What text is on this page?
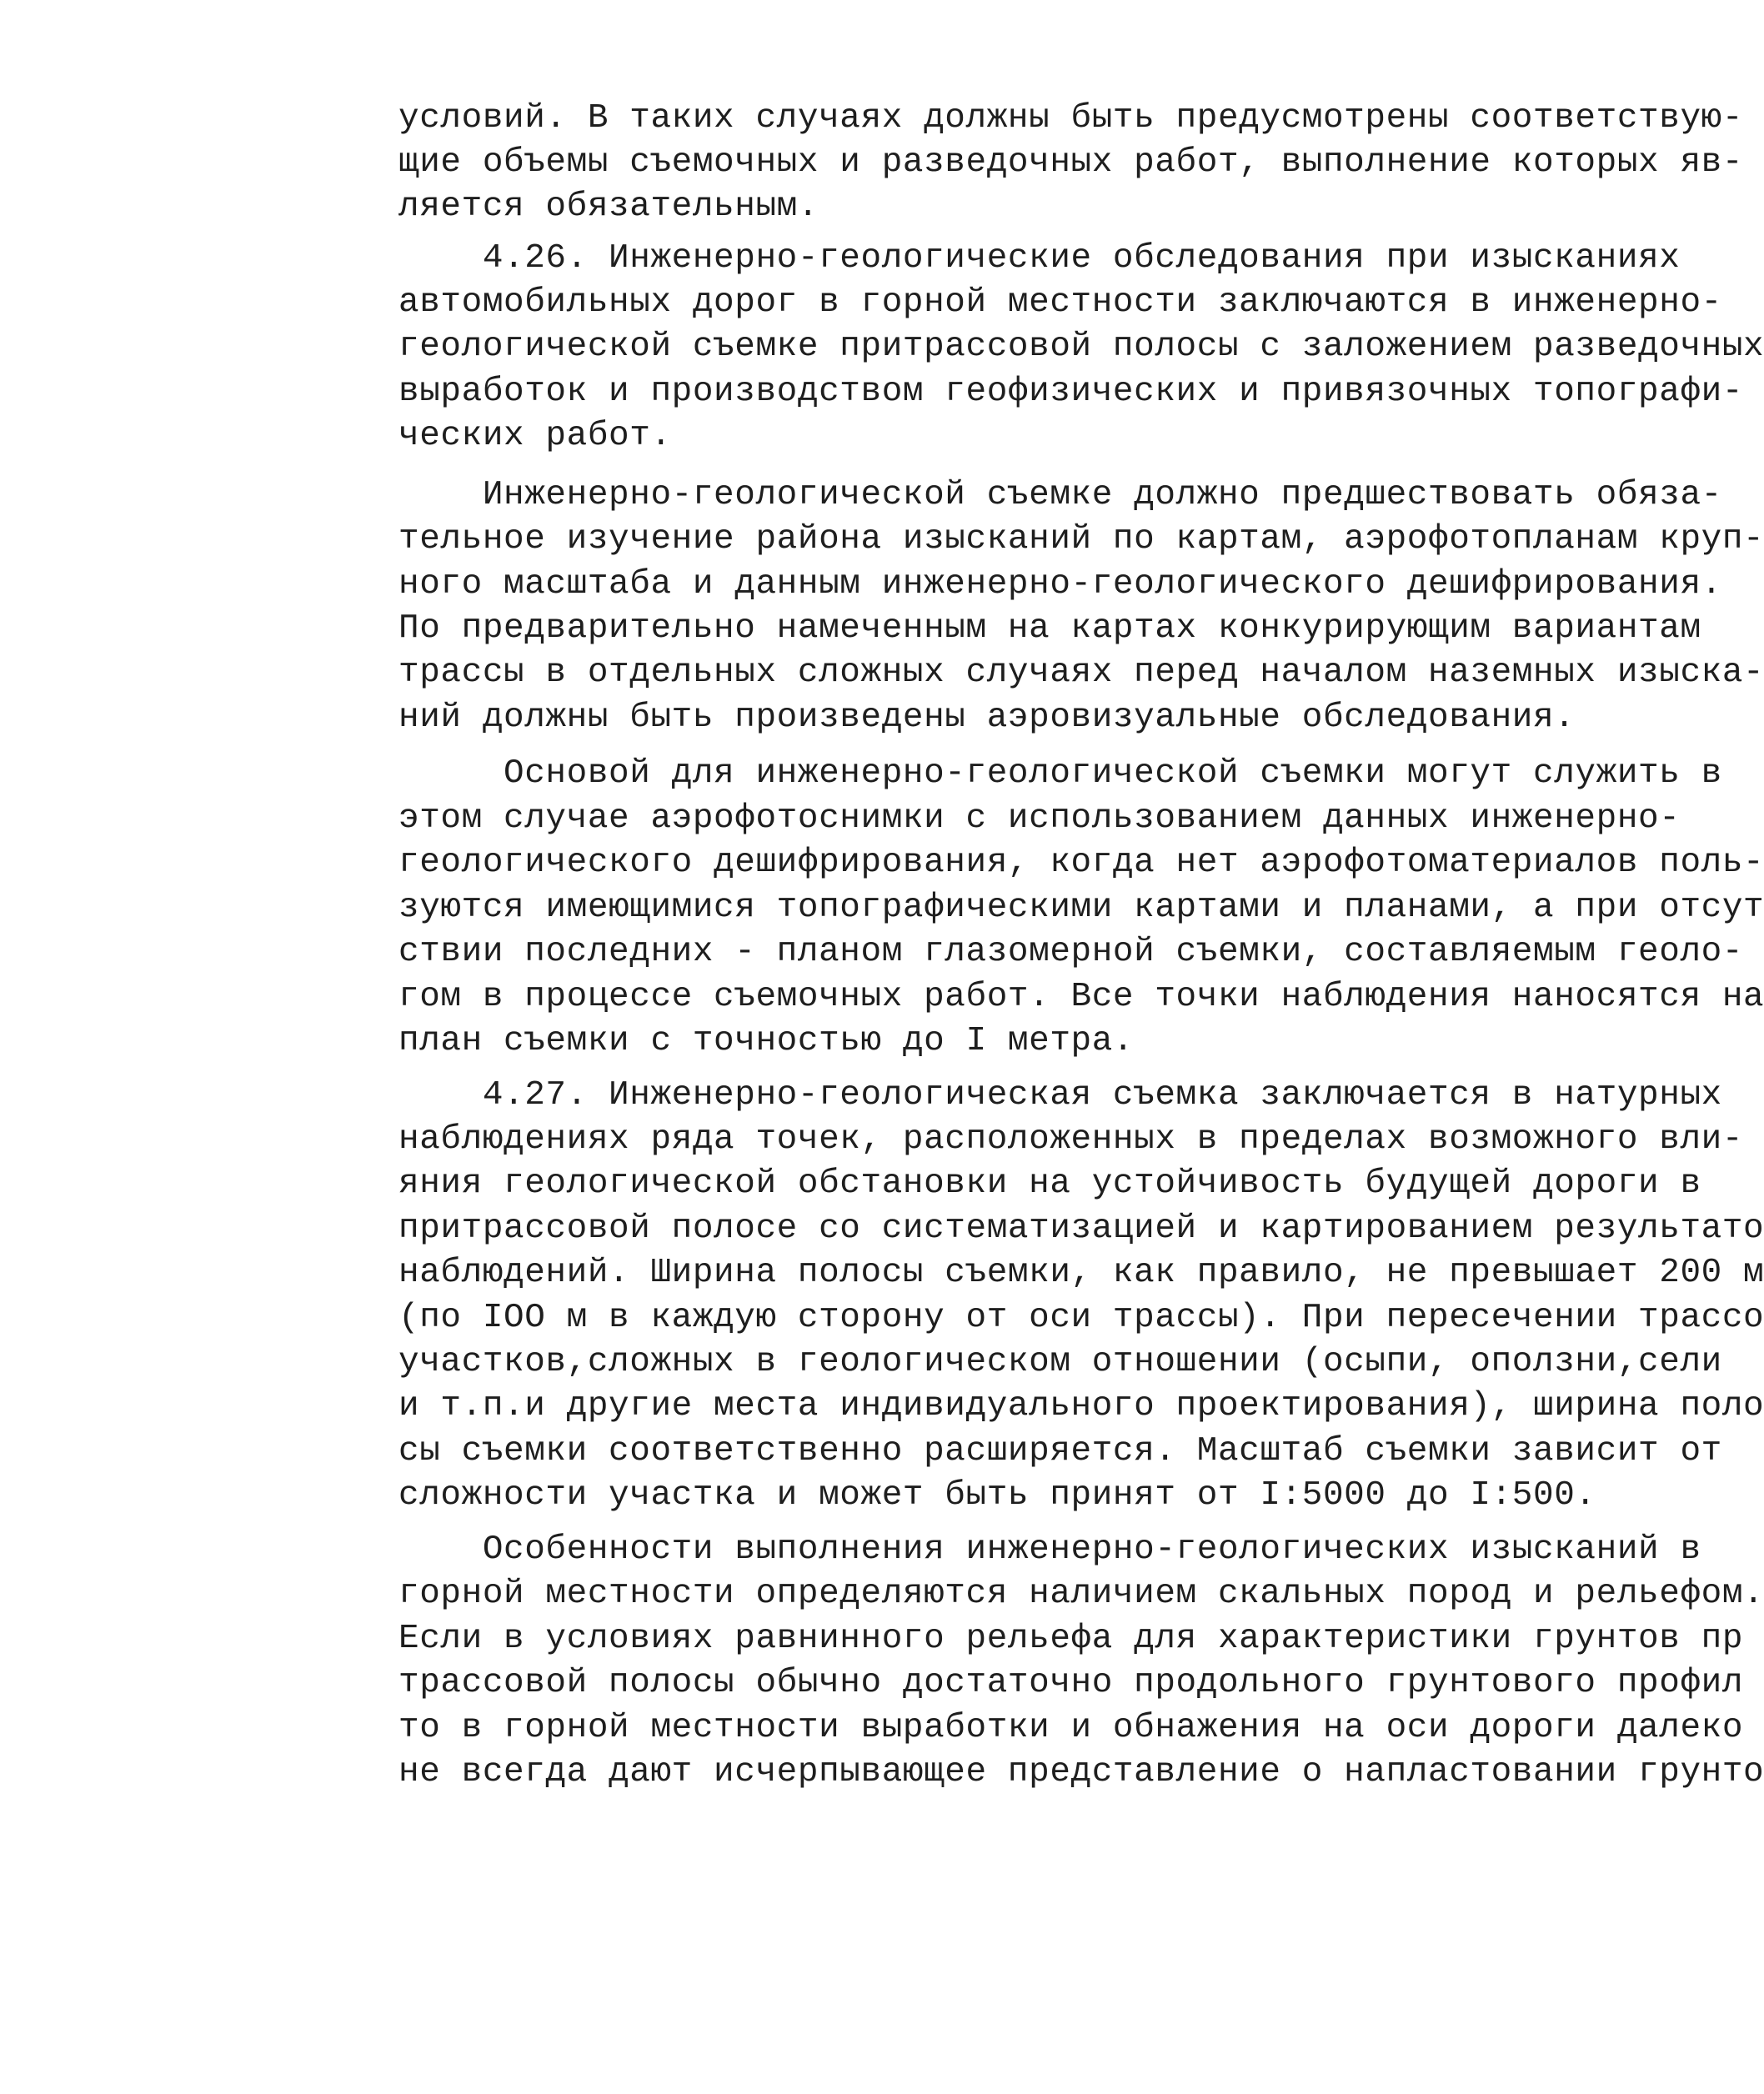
условий. В таких случаях должны быть предусмотрены соответствую-

щие объемы съемочных и разведочных работ, выполнение которых яв-

ляется обязательным.

4.26. Инженерно-геологические обследования при изысканиях

автомобильных дорог в горной местности заключаются в инженерно-

геологической съемке притрассовой полосы с заложением разведочных

выработок и производством геофизических и привязочных топографи-

ческих работ.

Инженерно-геологической съемке должно предшествовать обяза-

тельное изучение района изысканий по картам, аэрофотопланам круп-

ного масштаба и данным инженерно-геологического дешифрирования.

По предварительно намеченным на картах конкурирующим вариантам

трассы в отдельных сложных случаях перед началом наземных изыска-

ний должны быть произведены аэровизуальные обследования.

Основой для инженерно-геологической съемки могут служить в

этом случае аэрофотоснимки с использованием данных инженерно-

геологического дешифрирования, когда нет аэрофотоматериалов поль-

зуются имеющимися топографическими картами и планами, а при отсут

ствии последних - планом глазомерной съемки, составляемым геоло-

гом в процессе съемочных работ. Все точки наблюдения наносятся на

план съемки с точностью до I метра.

4.27. Инженерно-геологическая съемка заключается в натурных

наблюдениях ряда точек, расположенных в пределах возможного вли-

яния геологической обстановки на устойчивость будущей дороги в

притрассовой полосе со систематизацией и картированием результато

наблюдений. Ширина полосы съемки, как правило, не превышает 200 м

(по IOO м в каждую сторону от оси трассы). При пересечении трассо

участков,сложных в геологическом отношении (осыпи, оползни,сели

и т.п.и другие места индивидуального проектирования), ширина поло

сы съемки соответственно расширяется. Масштаб съемки зависит от

сложности участка и может быть принят от I:5000 до I:500.

Особенности выполнения инженерно-геологических изысканий в

горной местности определяются наличием скальных пород и рельефом.

Если в условиях равнинного рельефа для характеристики грунтов пр

трассовой полосы обычно достаточно продольного грунтового профил

то в горной местности выработки и обнажения на оси дороги далеко

не всегда дают исчерпывающее представление о напластовании грунто
